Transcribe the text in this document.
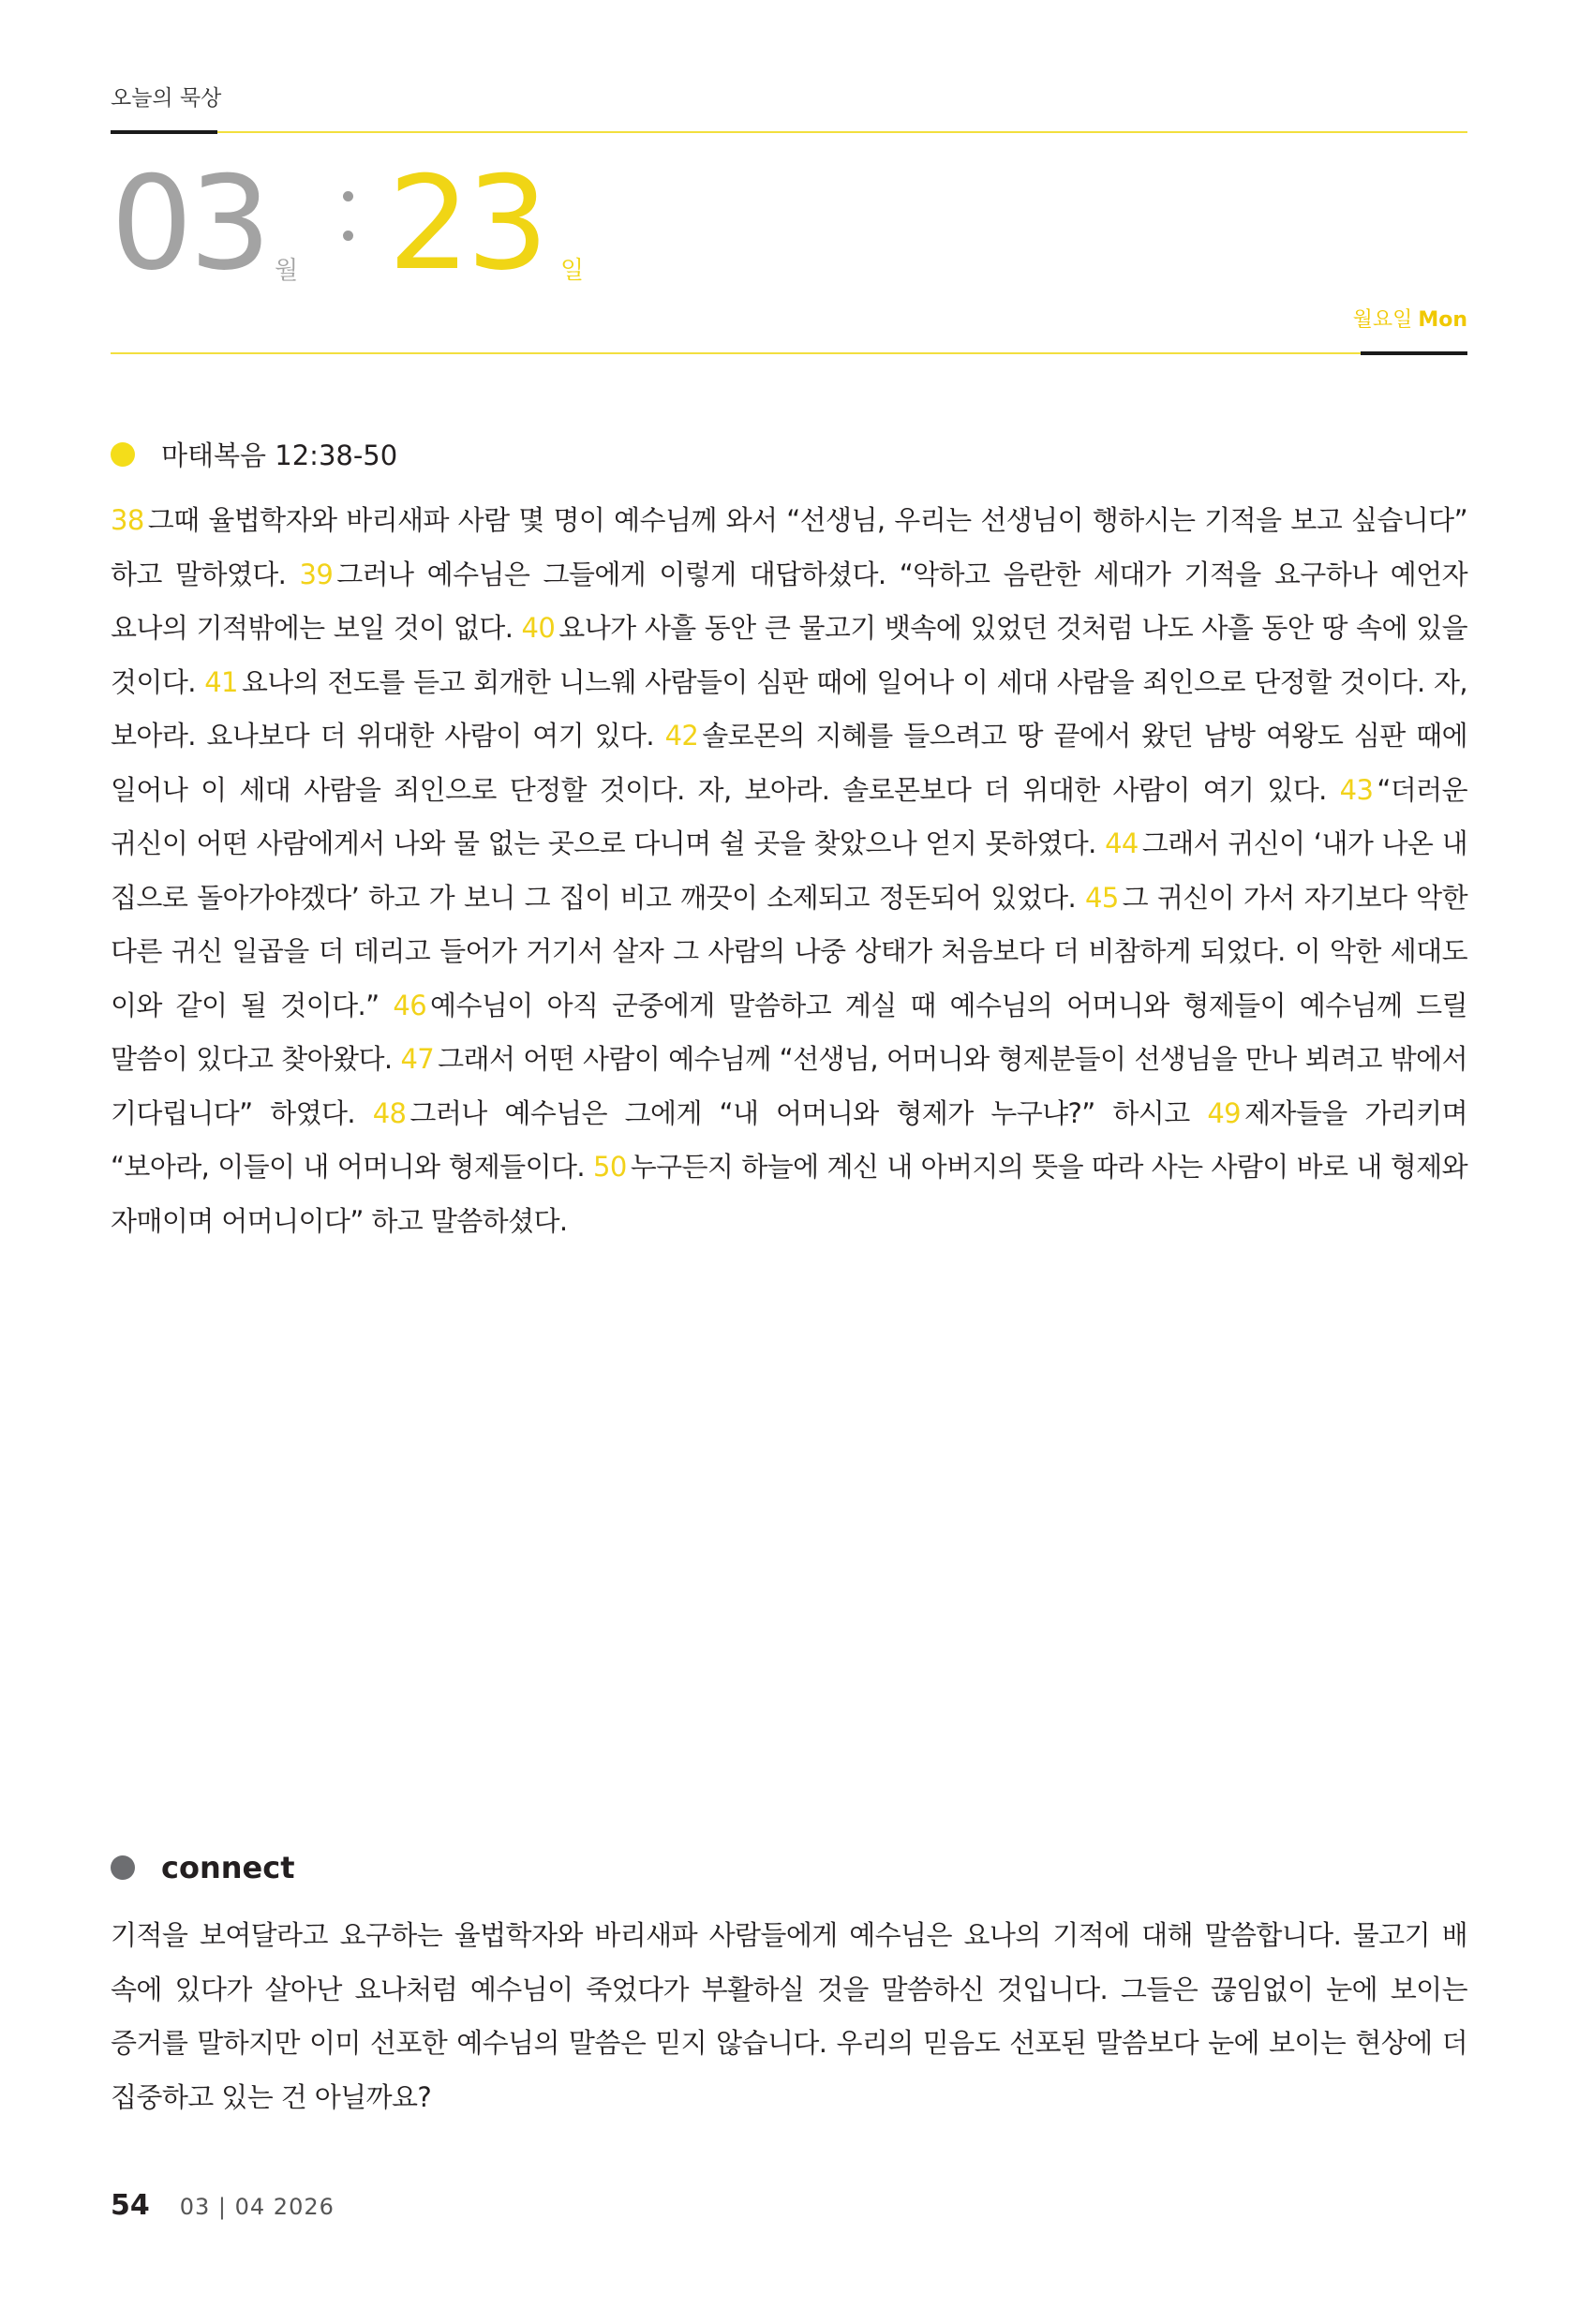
오늘의 묵상
03 월 23 일
월요일 Mon
마태복음 12:38-50
38 그때 율법학자와 바리새파 사람 몇 명이 예수님께 와서 “선생님, 우리는 선생님이 행하시는 기적을 보고 싶습니다” 하고 말하였다. 39 그러나 예수님은 그들에게 이렇게 대답하셨다. “악하고 음란한 세대가 기적을 요구하나 예언자 요나의 기적밖에는 보일 것이 없다. 40 요나가 사흘 동안 큰 물고기 뱃속에 있었던 것처럼 나도 사흘 동안 땅 속에 있을 것이다. 41 요나의 전도를 듣고 회개한 니느웨 사람들이 심판 때에 일어나 이 세대 사람을 죄인으로 단정할 것이다. 자, 보아라. 요나보다 더 위대한 사람이 여기 있다. 42 솔로몬의 지혜를 들으려고 땅 끝에서 왔던 남방 여왕도 심판 때에 일어나 이 세대 사람을 죄인으로 단정할 것이다. 자, 보아라. 솔로몬보다 더 위대한 사람이 여기 있다. 43 “더러운 귀신이 어떤 사람에게서 나와 물 없는 곳으로 다니며 쉴 곳을 찾았으나 얻지 못하였다. 44 그래서 귀신이 ‘내가 나온 내 집으로 돌아가야겠다’ 하고 가 보니 그 집이 비고 깨끗이 소제되고 정돈되어 있었다. 45 그 귀신이 가서 자기보다 악한 다른 귀신 일곱을 더 데리고 들어가 거기서 살자 그 사람의 나중 상태가 처음보다 더 비참하게 되었다. 이 악한 세대도 이와 같이 될 것이다.” 46 예수님이 아직 군중에게 말씀하고 계실 때 예수님의 어머니와 형제들이 예수님께 드릴 말씀이 있다고 찾아왔다. 47 그래서 어떤 사람이 예수님께 “선생님, 어머니와 형제분들이 선생님을 만나 뵈려고 밖에서 기다립니다” 하였다. 48 그러나 예수님은 그에게 “내 어머니와 형제가 누구냐?” 하시고 49 제자들을 가리키며 “보아라, 이들이 내 어머니와 형제들이다. 50 누구든지 하늘에 계신 내 아버지의 뜻을 따라 사는 사람이 바로 내 형제와 자매이며 어머니이다” 하고 말씀하셨다.
connect
기적을 보여달라고 요구하는 율법학자와 바리새파 사람들에게 예수님은 요나의 기적에 대해 말씀합니다. 물고기 배 속에 있다가 살아난 요나처럼 예수님이 죽었다가 부활하실 것을 말씀하신 것입니다. 그들은 끊임없이 눈에 보이는 증거를 말하지만 이미 선포한 예수님의 말씀은 믿지 않습니다. 우리의 믿음도 선포된 말씀보다 눈에 보이는 현상에 더 집중하고 있는 건 아닐까요?
54 03 | 04 2026
